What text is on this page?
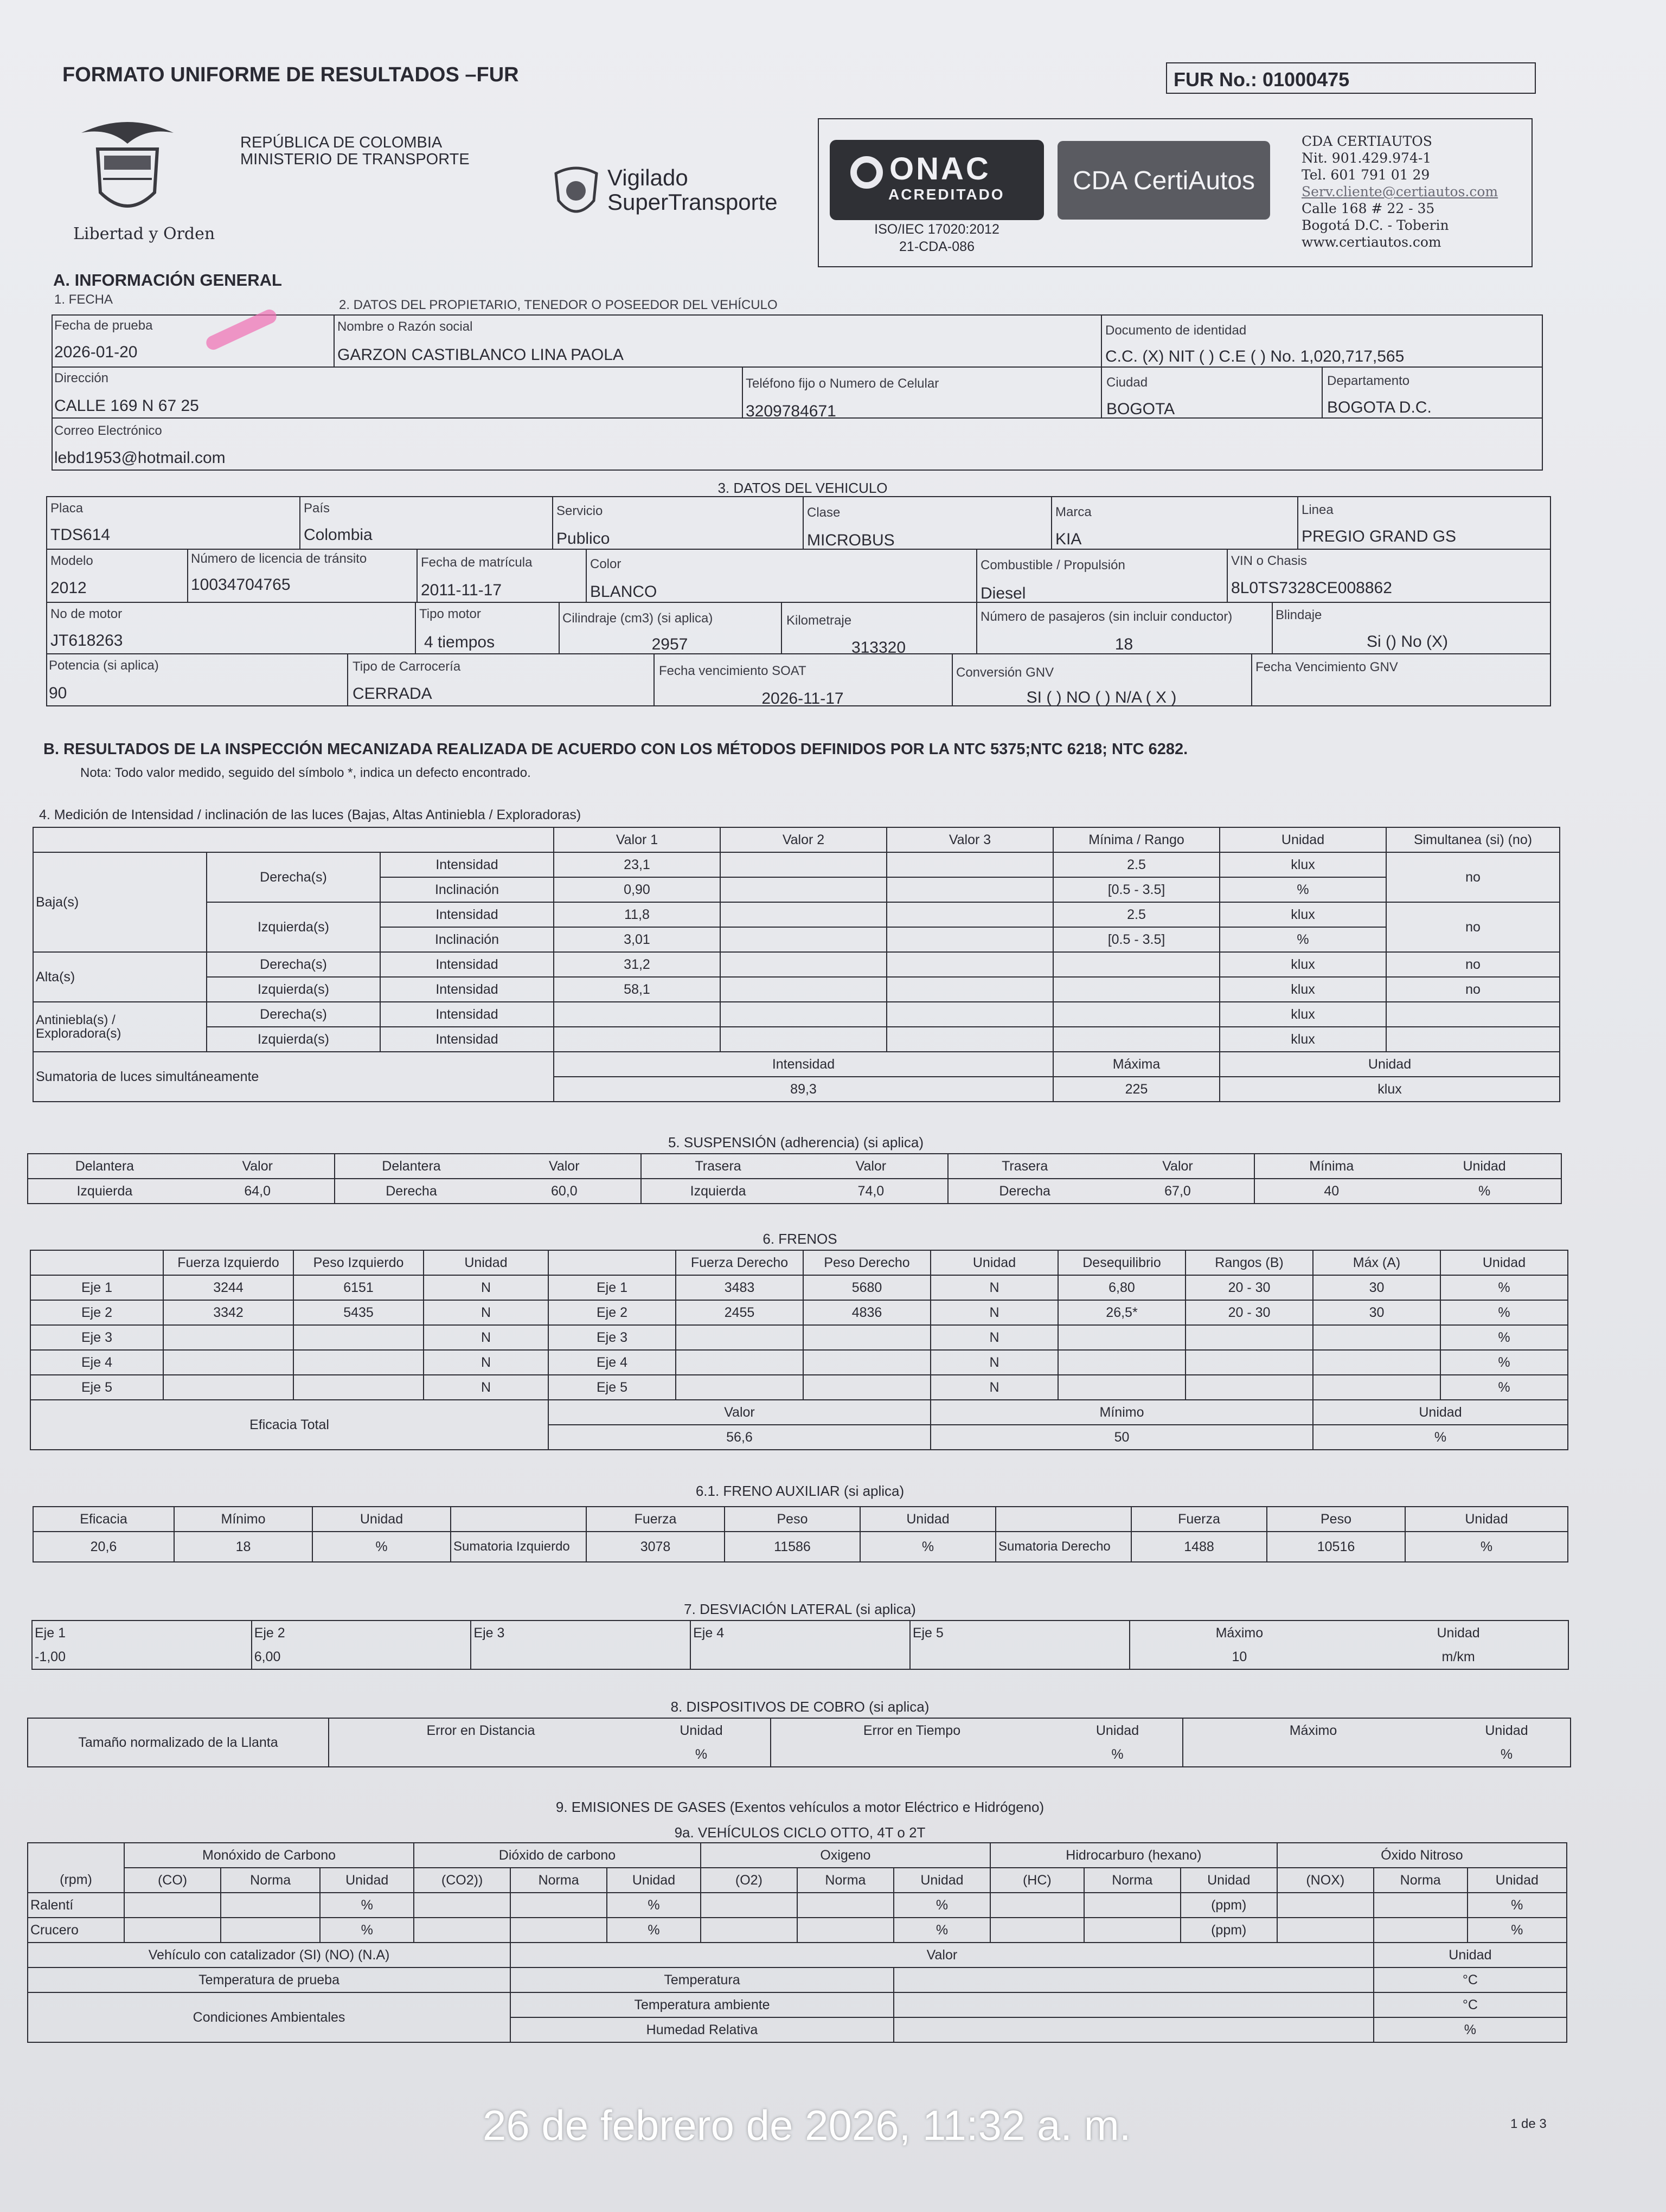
FORMATO UNIFORME DE RESULTADOS –FUR	FUR No.: 01000475
Libertad y Orden
REPÚBLICA DE COLOMBIA
MINISTERIO DE TRANSPORTE
Vigilado
SuperTransporte
ONAC
ACREDITADO
ISO/IEC 17020:2012
21-CDA-086
CDA CertiAutos
CDA CERTIAUTOS
Nit. 901.429.974-1
Tel. 601 791 01 29
Serv.cliente@certiautos.com
Calle 168 # 22 - 35
Bogotá D.C. - Toberin
www.certiautos.com
A. INFORMACIÓN GENERAL
1. FECHA	2. DATOS DEL PROPIETARIO, TENEDOR O POSEEDOR DEL VEHÍCULO
Fecha de prueba
2026-01-20
Nombre o Razón social
GARZON CASTIBLANCO LINA PAOLA
Documento de identidad
C.C. (X) NIT ( ) C.E ( ) No. 1,020,717,565
Dirección
CALLE 169 N 67 25
Teléfono fijo o Numero de Celular
3209784671
Ciudad
BOGOTA
Departamento
BOGOTA D.C.
Correo Electrónico
lebd1953@hotmail.com
3. DATOS DEL VEHICULO
Placa
TDS614
País
Colombia
Servicio
Publico
Clase
MICROBUS
Marca
KIA
Linea
PREGIO GRAND GS
Modelo
2012
Número de licencia de tránsito
10034704765
Fecha de matrícula
2011-11-17
Color
BLANCO
Combustible / Propulsión
Diesel
VIN o Chasis
8L0TS7328CE008862
No de motor
JT618263
Tipo motor
4 tiempos
Cilindraje (cm3) (si aplica)
2957
Kilometraje
313320
Número de pasajeros (sin incluir conductor)
18
Blindaje
Si () No (X)
Potencia (si aplica)
90
Tipo de Carrocería
CERRADA
Fecha vencimiento SOAT
2026-11-17
Conversión GNV
SI ( ) NO ( ) N/A ( X )
Fecha Vencimiento GNV
B. RESULTADOS DE LA INSPECCIÓN MECANIZADA REALIZADA DE ACUERDO CON LOS MÉTODOS DEFINIDOS POR LA NTC 5375;NTC 6218; NTC 6282.
Nota: Todo valor medido, seguido del símbolo *, indica un defecto encontrado.
4. Medición de Intensidad / inclinación de las luces (Bajas, Altas Antiniebla / Exploradoras)
			Valor 1	Valor 2	Valor 3	Mínima / Rango	Unidad	Simultanea (si) (no)
Baja(s)	Derecha(s)	Intensidad	23,1			2.5	klux	no
		Inclinación	0,90			[0.5 - 3.5]	%	
	Izquierda(s)	Intensidad	11,8			2.5	klux	no
		Inclinación	3,01			[0.5 - 3.5]	%	
Alta(s)	Derecha(s)	Intensidad	31,2				klux	no
	Izquierda(s)	Intensidad	58,1				klux	no
Antiniebla(s) / Exploradora(s)	Derecha(s)	Intensidad					klux	
	Izquierda(s)	Intensidad					klux	
Sumatoria de luces simultáneamente			Intensidad			Máxima	Unidad	
			89,3			225	klux	
5. SUSPENSIÓN (adherencia) (si aplica)
Delantera	Valor	Delantera	Valor	Trasera	Valor	Trasera	Valor	Mínima	Unidad
Izquierda	64,0	Derecha	60,0	Izquierda	74,0	Derecha	67,0	40	%
6. FRENOS
	Fuerza Izquierdo	Peso Izquierdo	Unidad		Fuerza Derecho	Peso Derecho	Unidad	Desequilibrio	Rangos (B)	Máx (A)	Unidad
Eje 1	3244	6151	N	Eje 1	3483	5680	N	6,80	20 - 30	30	%
Eje 2	3342	5435	N	Eje 2	2455	4836	N	26,5*	20 - 30	30	%
Eje 3			N	Eje 3			N				%
Eje 4			N	Eje 4			N				%
Eje 5			N	Eje 5			N				%
Eficacia Total				Valor			Mínimo			Unidad	
				56,6			50			%	
6.1. FRENO AUXILIAR (si aplica)
Eficacia	Mínimo	Unidad		Fuerza	Peso	Unidad		Fuerza	Peso	Unidad
20,6	18	%	Sumatoria Izquierdo	3078	11586	%	Sumatoria Derecho	1488	10516	%
7. DESVIACIÓN LATERAL (si aplica)
Eje 1	Eje 2	Eje 3	Eje 4	Eje 5	Máximo	Unidad
-1,00	6,00				10	m/km
8. DISPOSITIVOS DE COBRO (si aplica)
Tamaño normalizado de la Llanta	Error en Distancia	Unidad	Error en Tiempo	Unidad	Máximo	Unidad
		%		%		%
9. EMISIONES DE GASES (Exentos vehículos a motor Eléctrico e Hidrógeno)
9a. VEHÍCULOS CICLO OTTO, 4T o 2T
	Monóxido de Carbono			Dióxido de carbono			Oxigeno			Hidrocarburo (hexano)			Óxido Nitroso		
(rpm)	(CO)	Norma	Unidad	(CO2))	Norma	Unidad	(O2)	Norma	Unidad	(HC)	Norma	Unidad	(NOX)	Norma	Unidad
Ralentí			%			%			%			(ppm)			%
Crucero			%			%			%			(ppm)			%
Vehículo con catalizador (SI) (NO) (N.A)					Valor									Unidad	
Temperatura de prueba					Temperatura									°C	
Condiciones Ambientales					Temperatura ambiente									°C	
					Humedad Relativa									%	
26 de febrero de 2026, 11:32 a. m.	1 de 3
